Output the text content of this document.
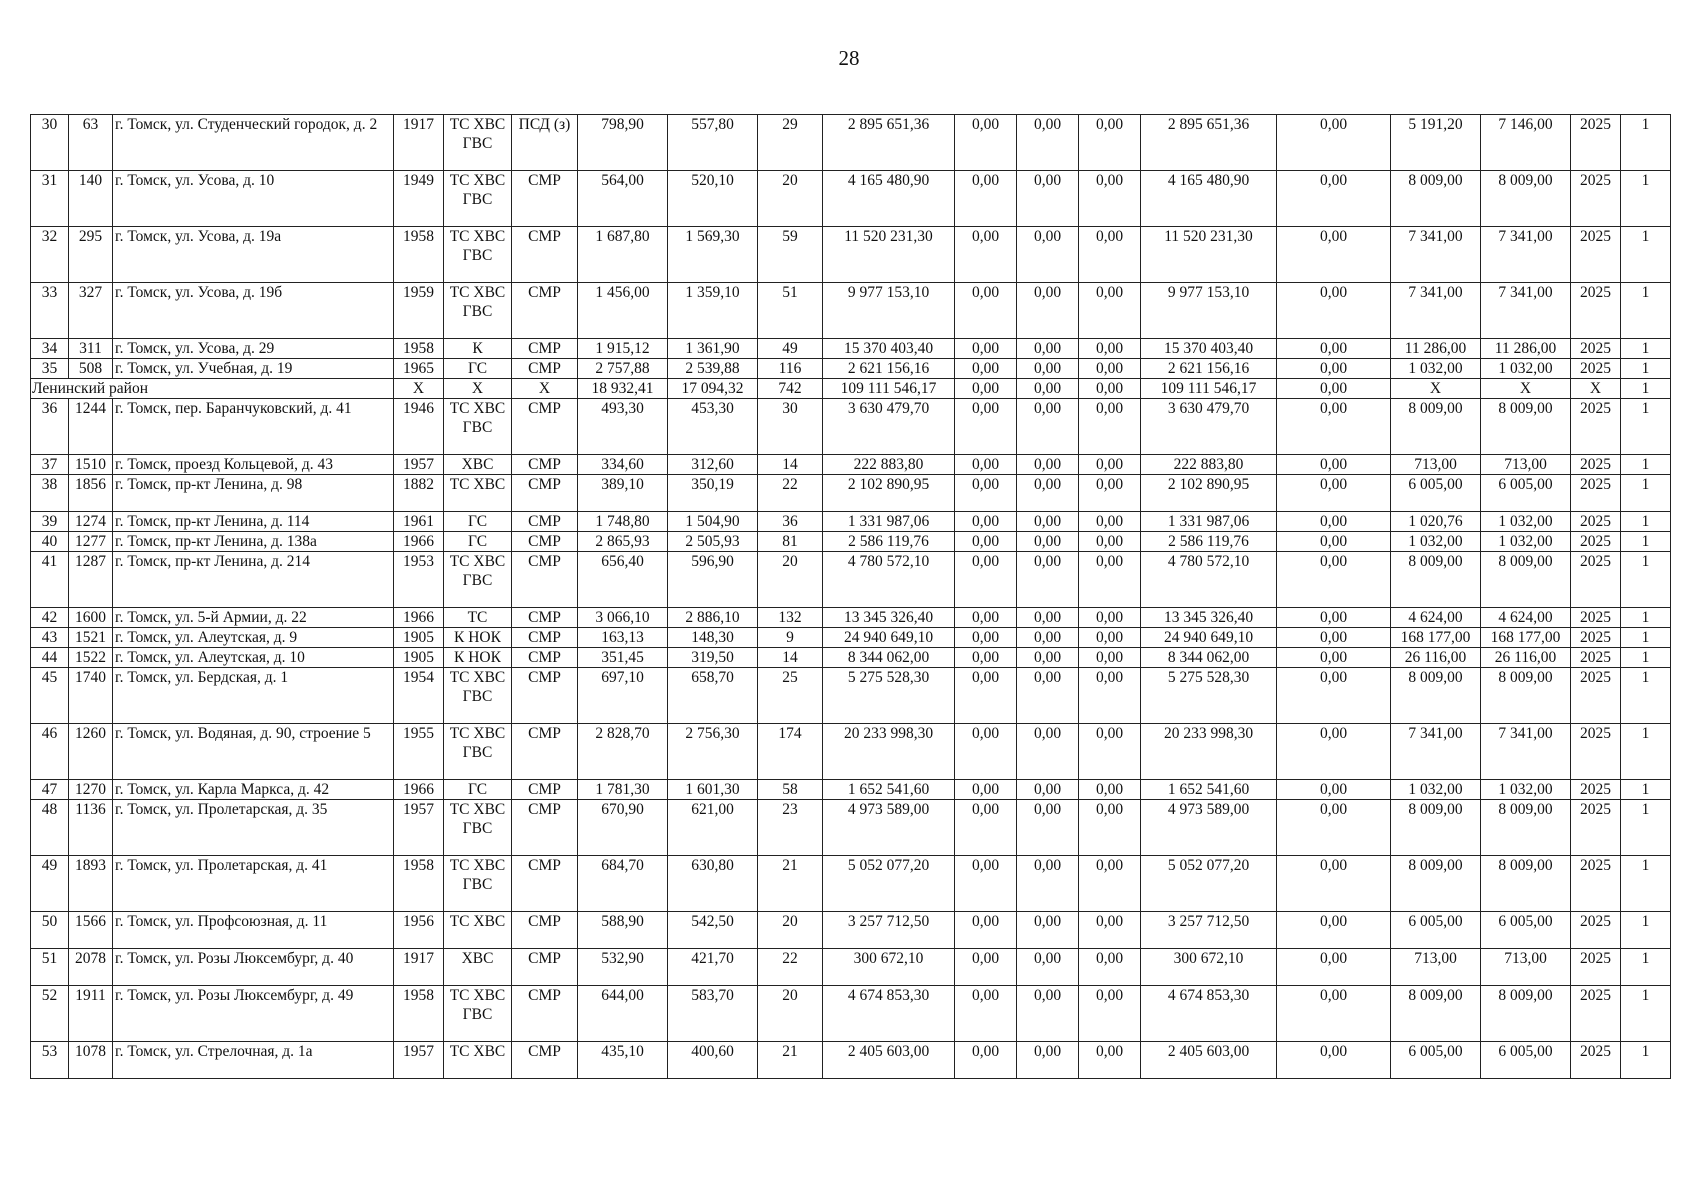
28
30	63	г. Томск, ул. Студенческий городок, д. 2	1917	ТС ХВС ГВС	ПСД (з)	798,90	557,80	29	2 895 651,36	0,00	0,00	0,00	2 895 651,36	0,00	5 191,20	7 146,00	2025	1
31	140	г. Томск, ул. Усова, д. 10	1949	ТС ХВС ГВС	СМР	564,00	520,10	20	4 165 480,90	0,00	0,00	0,00	4 165 480,90	0,00	8 009,00	8 009,00	2025	1
32	295	г. Томск, ул. Усова, д. 19а	1958	ТС ХВС ГВС	СМР	1 687,80	1 569,30	59	11 520 231,30	0,00	0,00	0,00	11 520 231,30	0,00	7 341,00	7 341,00	2025	1
33	327	г. Томск, ул. Усова, д. 19б	1959	ТС ХВС ГВС	СМР	1 456,00	1 359,10	51	9 977 153,10	0,00	0,00	0,00	9 977 153,10	0,00	7 341,00	7 341,00	2025	1
34	311	г. Томск, ул. Усова, д. 29	1958	К	СМР	1 915,12	1 361,90	49	15 370 403,40	0,00	0,00	0,00	15 370 403,40	0,00	11 286,00	11 286,00	2025	1
35	508	г. Томск, ул. Учебная, д. 19	1965	ГС	СМР	2 757,88	2 539,88	116	2 621 156,16	0,00	0,00	0,00	2 621 156,16	0,00	1 032,00	1 032,00	2025	1
Ленинский район			X	X	X	18 932,41	17 094,32	742	109 111 546,17	0,00	0,00	0,00	109 111 546,17	0,00	X	X	X	1
36	1244	г. Томск, пер. Баранчуковский, д. 41	1946	ТС ХВС ГВС	СМР	493,30	453,30	30	3 630 479,70	0,00	0,00	0,00	3 630 479,70	0,00	8 009,00	8 009,00	2025	1
37	1510	г. Томск, проезд Кольцевой, д. 43	1957	ХВС	СМР	334,60	312,60	14	222 883,80	0,00	0,00	0,00	222 883,80	0,00	713,00	713,00	2025	1
38	1856	г. Томск, пр-кт Ленина, д. 98	1882	ТС ХВС	СМР	389,10	350,19	22	2 102 890,95	0,00	0,00	0,00	2 102 890,95	0,00	6 005,00	6 005,00	2025	1
39	1274	г. Томск, пр-кт Ленина, д. 114	1961	ГС	СМР	1 748,80	1 504,90	36	1 331 987,06	0,00	0,00	0,00	1 331 987,06	0,00	1 020,76	1 032,00	2025	1
40	1277	г. Томск, пр-кт Ленина, д. 138а	1966	ГС	СМР	2 865,93	2 505,93	81	2 586 119,76	0,00	0,00	0,00	2 586 119,76	0,00	1 032,00	1 032,00	2025	1
41	1287	г. Томск, пр-кт Ленина, д. 214	1953	ТС ХВС ГВС	СМР	656,40	596,90	20	4 780 572,10	0,00	0,00	0,00	4 780 572,10	0,00	8 009,00	8 009,00	2025	1
42	1600	г. Томск, ул. 5-й Армии, д. 22	1966	ТС	СМР	3 066,10	2 886,10	132	13 345 326,40	0,00	0,00	0,00	13 345 326,40	0,00	4 624,00	4 624,00	2025	1
43	1521	г. Томск, ул. Алеутская, д. 9	1905	К НОК	СМР	163,13	148,30	9	24 940 649,10	0,00	0,00	0,00	24 940 649,10	0,00	168 177,00	168 177,00	2025	1
44	1522	г. Томск, ул. Алеутская, д. 10	1905	К НОК	СМР	351,45	319,50	14	8 344 062,00	0,00	0,00	0,00	8 344 062,00	0,00	26 116,00	26 116,00	2025	1
45	1740	г. Томск, ул. Бердская, д. 1	1954	ТС ХВС ГВС	СМР	697,10	658,70	25	5 275 528,30	0,00	0,00	0,00	5 275 528,30	0,00	8 009,00	8 009,00	2025	1
46	1260	г. Томск, ул. Водяная, д. 90, строение 5	1955	ТС ХВС ГВС	СМР	2 828,70	2 756,30	174	20 233 998,30	0,00	0,00	0,00	20 233 998,30	0,00	7 341,00	7 341,00	2025	1
47	1270	г. Томск, ул. Карла Маркса, д. 42	1966	ГС	СМР	1 781,30	1 601,30	58	1 652 541,60	0,00	0,00	0,00	1 652 541,60	0,00	1 032,00	1 032,00	2025	1
48	1136	г. Томск, ул. Пролетарская, д. 35	1957	ТС ХВС ГВС	СМР	670,90	621,00	23	4 973 589,00	0,00	0,00	0,00	4 973 589,00	0,00	8 009,00	8 009,00	2025	1
49	1893	г. Томск, ул. Пролетарская, д. 41	1958	ТС ХВС ГВС	СМР	684,70	630,80	21	5 052 077,20	0,00	0,00	0,00	5 052 077,20	0,00	8 009,00	8 009,00	2025	1
50	1566	г. Томск, ул. Профсоюзная, д. 11	1956	ТС ХВС	СМР	588,90	542,50	20	3 257 712,50	0,00	0,00	0,00	3 257 712,50	0,00	6 005,00	6 005,00	2025	1
51	2078	г. Томск, ул. Розы Люксембург, д. 40	1917	ХВС	СМР	532,90	421,70	22	300 672,10	0,00	0,00	0,00	300 672,10	0,00	713,00	713,00	2025	1
52	1911	г. Томск, ул. Розы Люксембург, д. 49	1958	ТС ХВС ГВС	СМР	644,00	583,70	20	4 674 853,30	0,00	0,00	0,00	4 674 853,30	0,00	8 009,00	8 009,00	2025	1
53	1078	г. Томск, ул. Стрелочная, д. 1а	1957	ТС ХВС	СМР	435,10	400,60	21	2 405 603,00	0,00	0,00	0,00	2 405 603,00	0,00	6 005,00	6 005,00	2025	1
